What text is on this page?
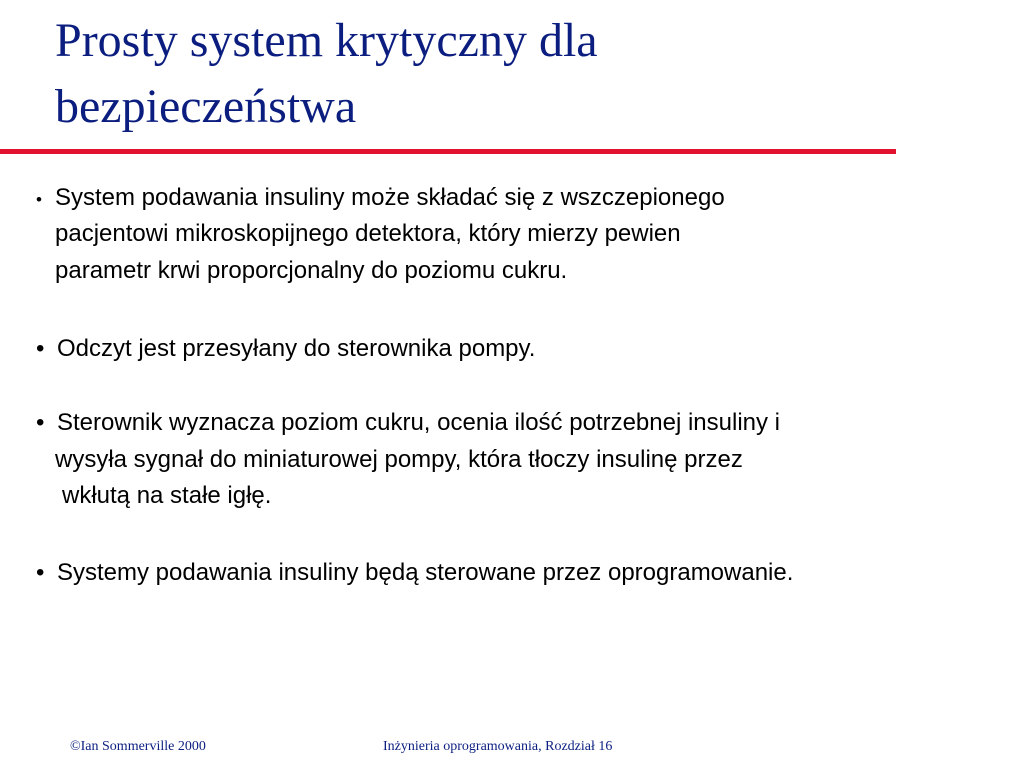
Prosty system krytyczny dla
bezpieczeństwa
• System podawania insuliny może składać się z wszczepionego
pacjentowi mikroskopijnego detektora, który mierzy pewien
parametr krwi proporcjonalny do poziomu cukru.
• Odczyt jest przesyłany do sterownika pompy.
• Sterownik wyznacza poziom cukru, ocenia ilość potrzebnej insuliny i
wysyła sygnał do miniaturowej pompy, która tłoczy insulinę przez
wkłutą na stałe igłę.
• Systemy podawania insuliny będą sterowane przez oprogramowanie.
©Ian Sommerville 2000	Inżynieria oprogramowania, Rozdział 16
